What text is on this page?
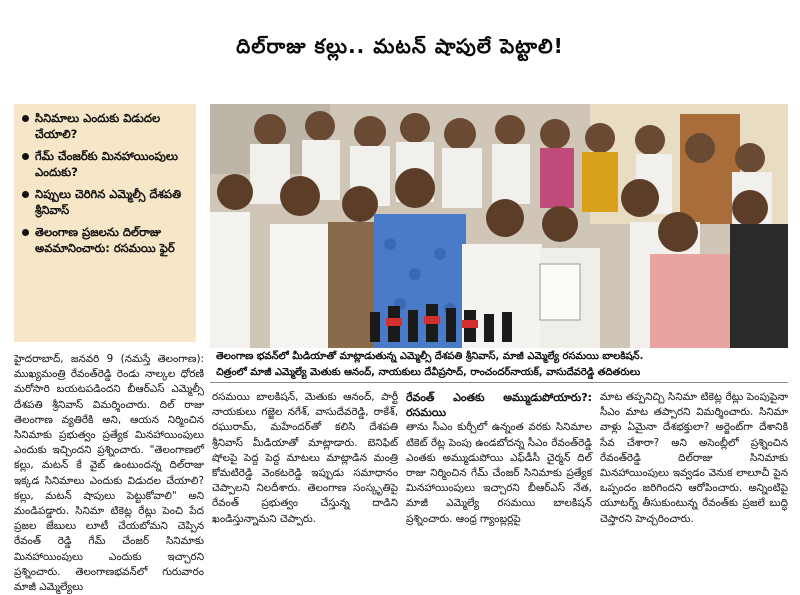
దిల్‌రాజు కల్లు.. మటన్ షాపులే పెట్టాలి!
సినిమాలు ఎందుకు విడుదల చేయాలి?
గేమ్ చేంజర్‌కు మినహాయింపులు ఎందుకు?
నిప్పులు చెరిగిన ఎమ్మెల్సీ దేశపతి శ్రీనివాస్
తెలంగాణ ప్రజలను దిల్‌రాజు అవమానించారు: రసమయి ఫైర్
తెలంగాణ భవన్‌లో మీడియాతో మాట్లాడుతున్న ఎమ్మెల్సీ దేశపతి శ్రీనివాస్, మాజీ ఎమ్మెల్యే రసమయి బాలకిషన్.
చిత్రంలో మాజీ ఎమ్మెల్యే మెతుకు ఆనంద్, నాయకులు దేవీప్రసాద్, రాంచందర్‌నాయక్, వాసుదేవరెడ్డి తదితరులు
హైదరాబాద్, జనవరి 9 (నమస్తే తెలంగాణ): ముఖ్యమంత్రి రేవంత్‌రెడ్డి రెండు నాల్కల ధోరణి మరోసారి బయటపడిందని బీఆర్‌ఎస్ ఎమ్మెల్సీ దేశపతి శ్రీనివాస్ విమర్శించారు. దిల్ రాజు తెలంగాణ వ్యతిరేకి అని, ఆయన నిర్మించిన సినిమాకు ప్రభుత్వం ప్రత్యేక మినహాయింపులు ఎందుకు ఇచ్చిందని ప్రశ్నించారు. "తెలంగాణలో కల్లు, మటన్ కే వైబ్ ఉంటుందన్న దిల్‌రాజు ఇక్కడ సినిమాలు ఎందుకు విడుదల చేయాలి? కల్లు, మటన్ షాపులు పెట్టుకోవాలి" అని మండిపడ్డారు. సినిమా టికెట్ల రేట్లు పెంచి పేద ప్రజల జేబులు లూటీ చేయబోమని చెప్పిన రేవంత్ రెడ్డి గేమ్ చేంజర్ సినిమాకు మినహాయింపులు ఎందుకు ఇచ్చారని ప్రశ్నించారు. తెలంగాణభవన్‌లో గురువారం మాజీ ఎమ్మెల్యేలు
రసమయి బాలకిషన్, మెతుకు ఆనంద్, పార్టీ నాయకులు గజ్జెల నగేశ్, వాసుదేవరెడ్డి, రాకేశ్, రఘురామ్, మహేందర్‌తో కలిసి దేశపతి శ్రీనివాస్ మీడియాతో మాట్లాడారు. బెనిఫిట్ షోలపై పెద్ద పెద్ద మాటలు మాట్లాడిన మంత్రి కోమటిరెడ్డి వెంకటరెడ్డి ఇప్పుడు సమాధానం చెప్పాలని నిలదీశారు. తెలంగాణ సంస్కృతిపై రేవంత్ ప్రభుత్వం చేస్తున్న దాడిని ఖండిస్తున్నామని చెప్పారు.
రేవంత్ ఎంతకు అమ్ముడుపోయారు?: రసమయి
తాను సీఎం కుర్చీలో ఉన్నంత వరకు సినిమాల టికెట్ రేట్ల పెంపు ఉండబోదన్న సీఎం రేవంత్‌రెడ్డి ఎంతకు అమ్ముడుపోయి ఎఫ్‌డీసీ చైర్మన్ దిల్ రాజు నిర్మించిన గేమ్ చేంజర్ సినిమాకు ప్రత్యేక మినహాయింపులు ఇచ్చారని బీఆర్‌ఎస్ నేత, మాజీ ఎమ్మెల్యే రసమయి బాలకిషన్ ప్రశ్నించారు. ఆంధ్ర గ్యాంబ్లర్లపై
మాట తప్పనిచ్చి సినిమా టికెట్ల రేట్లు పెంపుపైనా సీఎం మాట తప్పారని విమర్శించారు. సినిమా వాళ్లు ఏమైనా దేశభక్తులా? అర్జెంట్‌గా దేశానికి సేవ చేశారా? అని అసెంబ్లీలో ప్రశ్నించిన రేవంత్‌రెడ్డి దిల్‌రాజు సినిమాకు మినహాయింపులు ఇవ్వడం వెనుక లాలూచీ పైన ఒప్పందం జరిగిందని ఆరోపించారు. అన్నింటిపై యూటర్న్ తీసుకుంటున్న రేవంత్‌కు ప్రజలే బుద్ధి చెప్తారని హెచ్చరించారు.
